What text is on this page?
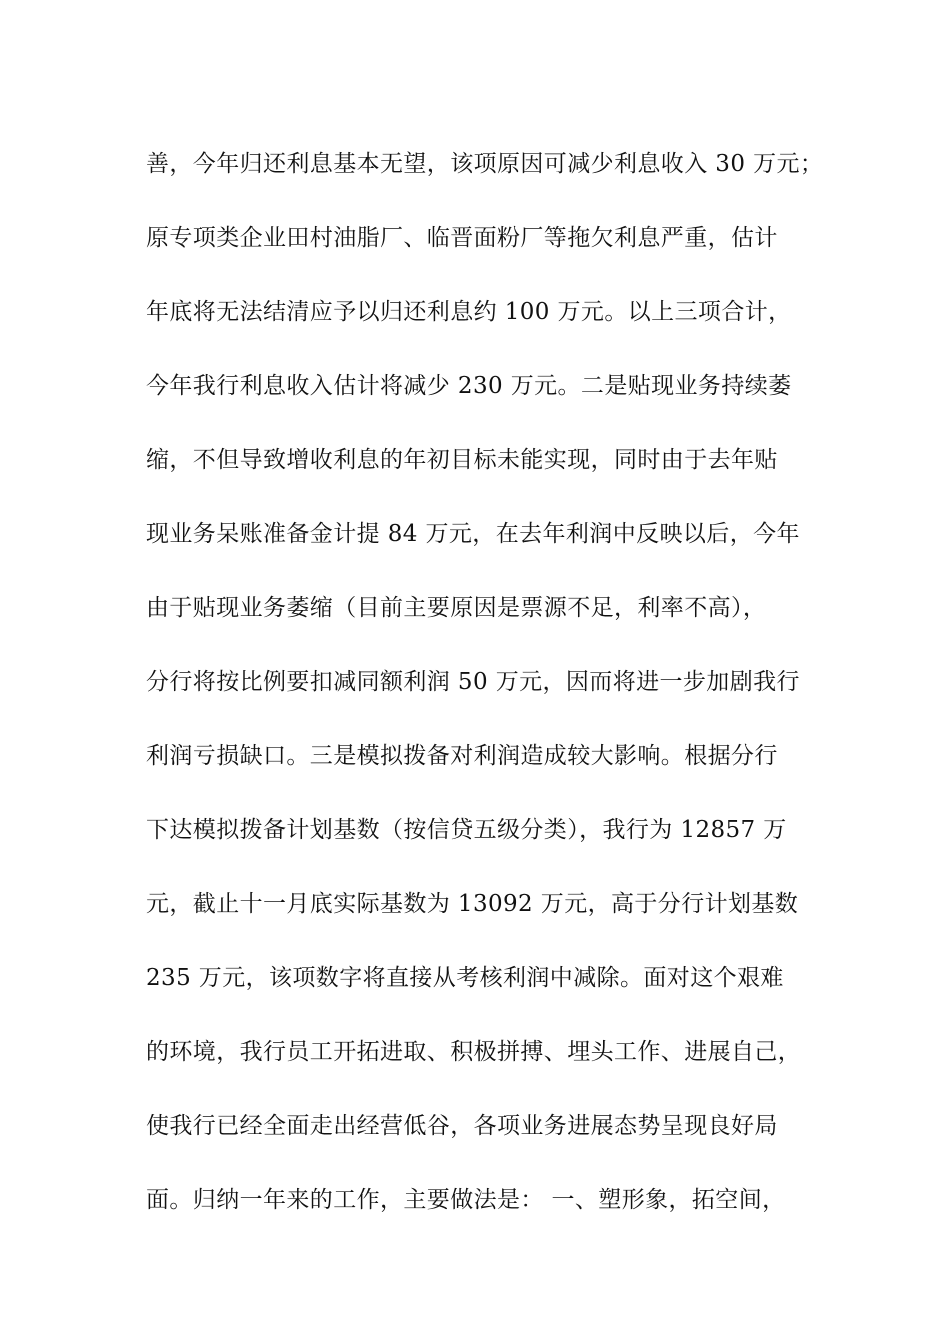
善，今年归还利息基本无望，该项原因可减少利息收入 30 万元；
原专项类企业田村油脂厂、临晋面粉厂等拖欠利息严重，估计
年底将无法结清应予以归还利息约 100 万元。以上三项合计，
今年我行利息收入估计将减少 230 万元。二是贴现业务持续萎
缩，不但导致增收利息的年初目标未能实现，同时由于去年贴
现业务呆账准备金计提 84 万元，在去年利润中反映以后，今年
由于贴现业务萎缩（目前主要原因是票源不足，利率不高），
分行将按比例要扣减同额利润 50 万元，因而将进一步加剧我行
利润亏损缺口。三是模拟拨备对利润造成较大影响。根据分行
下达模拟拨备计划基数（按信贷五级分类），我行为 12857 万
元，截止十一月底实际基数为 13092 万元，高于分行计划基数
235 万元，该项数字将直接从考核利润中减除。面对这个艰难
的环境，我行员工开拓进取、积极拼搏、埋头工作、进展自己，
使我行已经全面走出经营低谷，各项业务进展态势呈现良好局
面。归纳一年来的工作，主要做法是： 一、塑形象，拓空间，
